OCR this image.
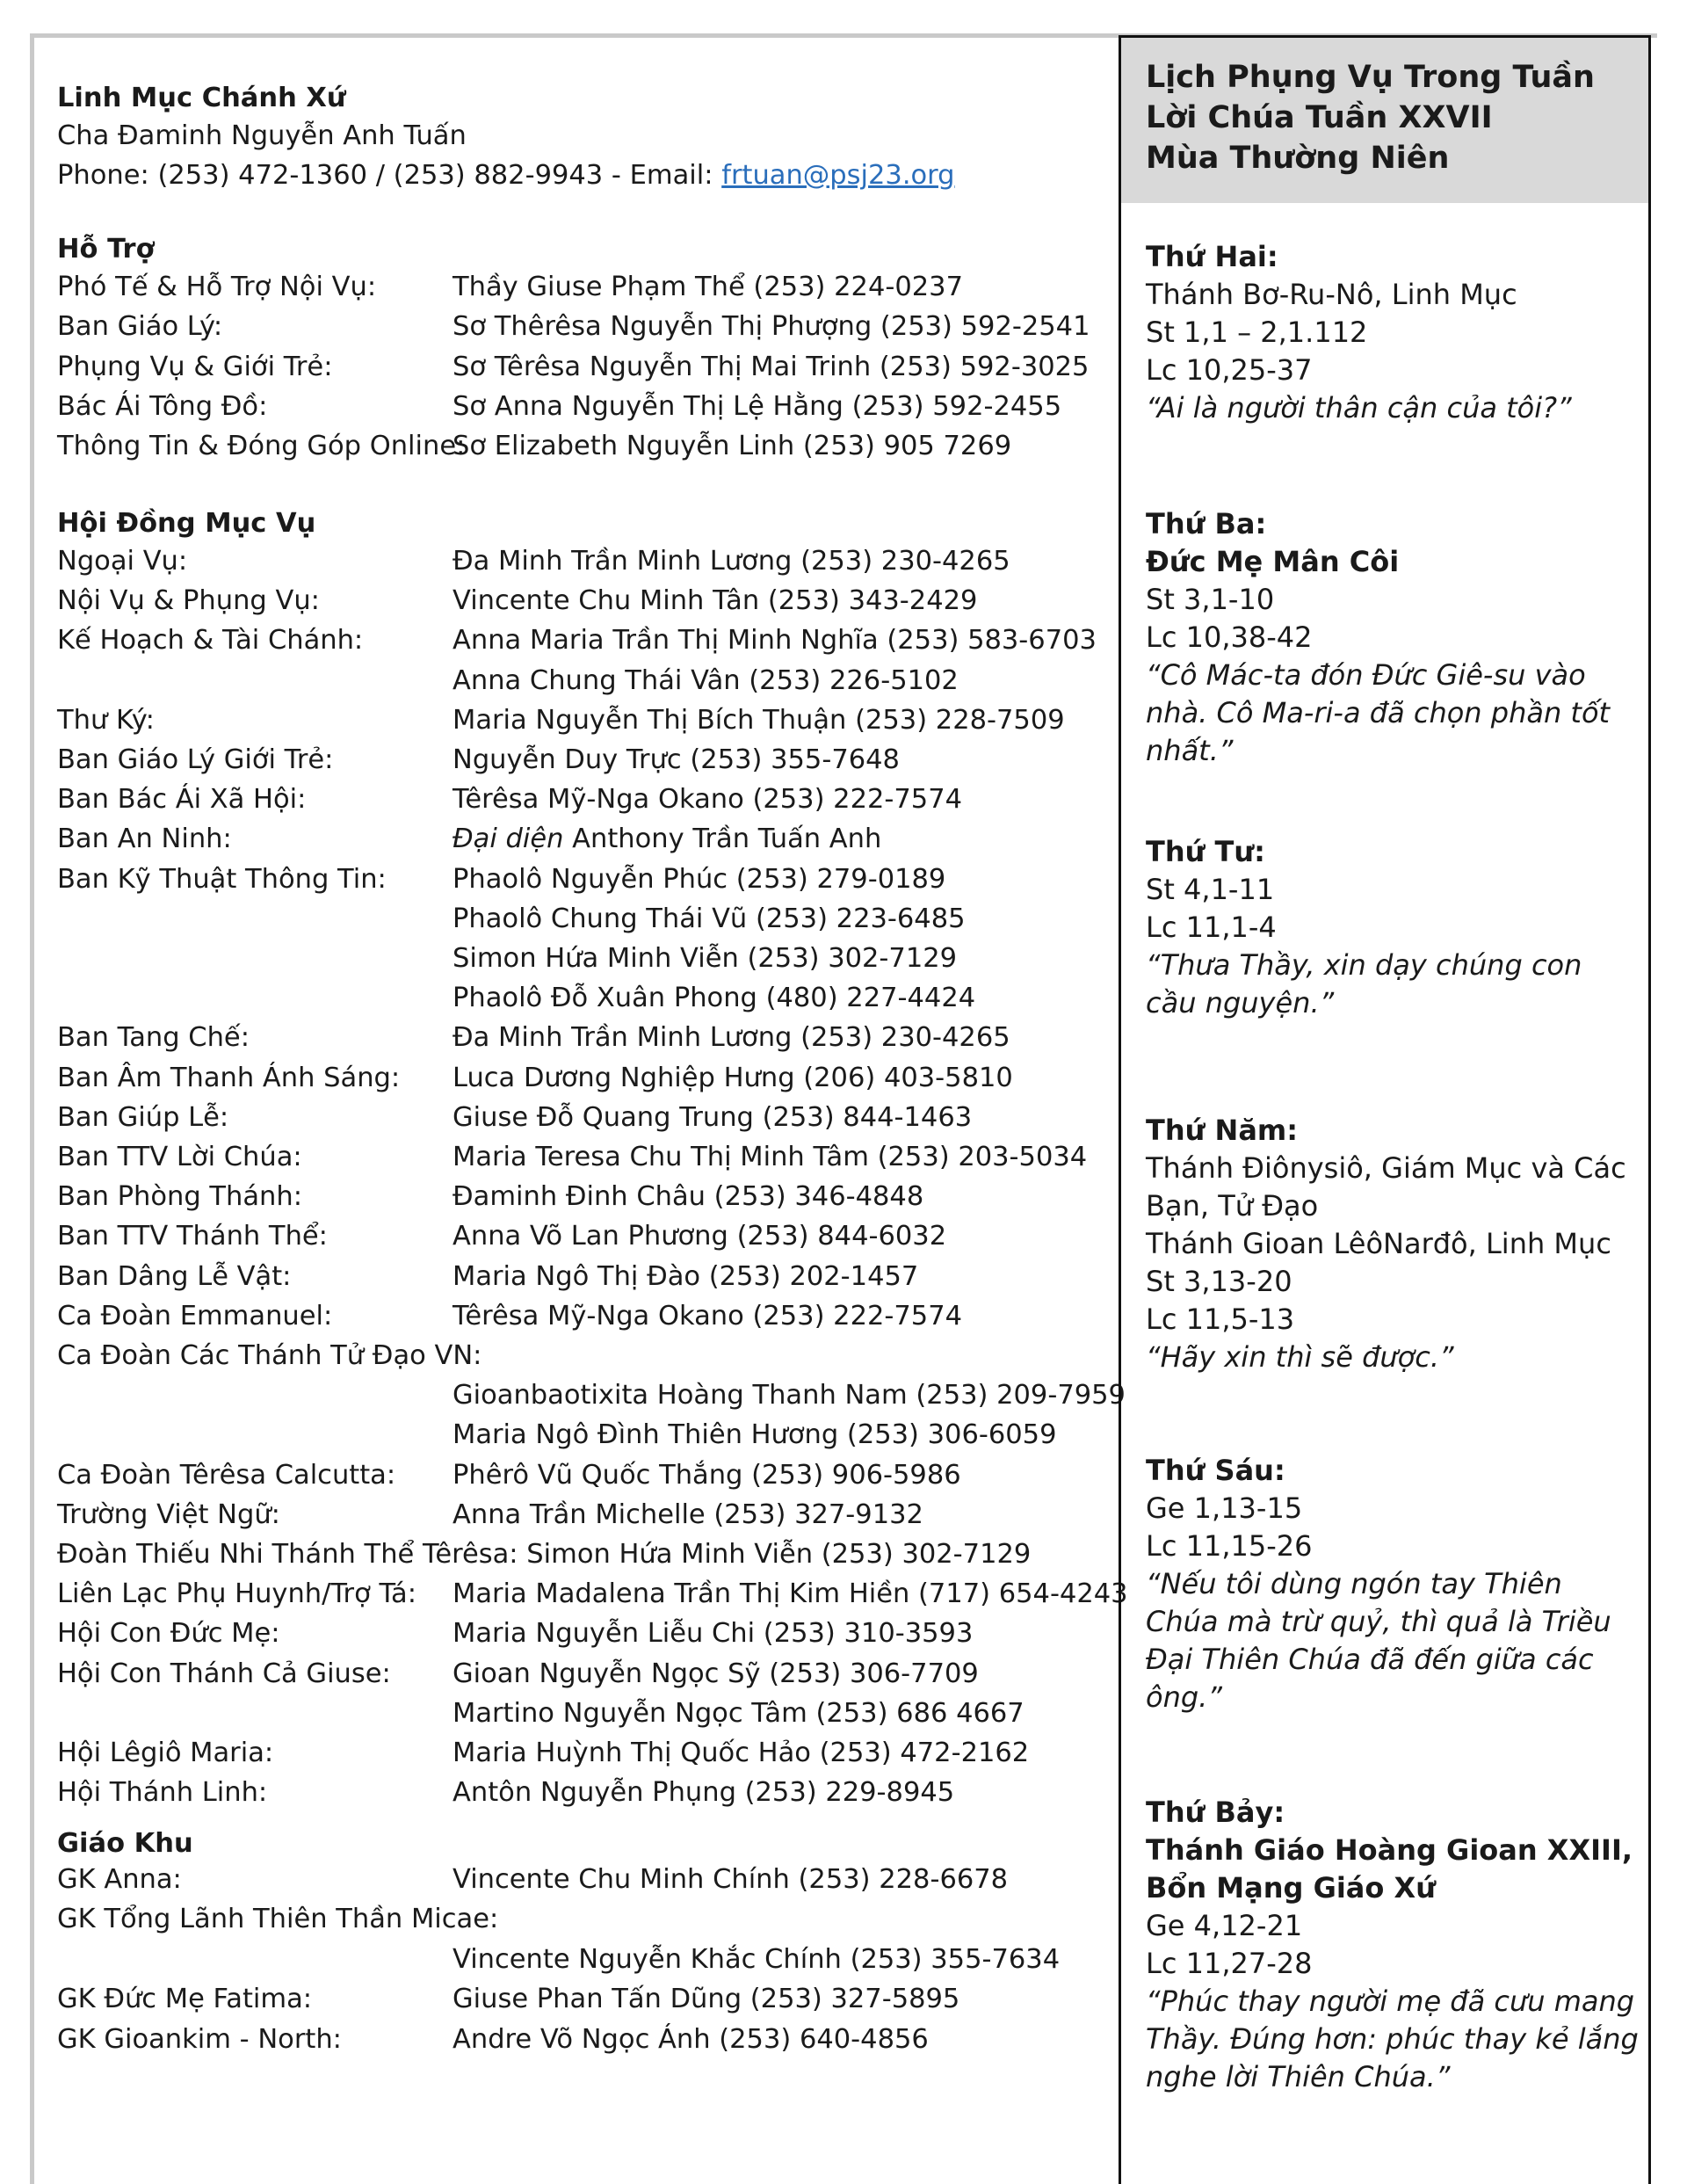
Linh Mục Chánh Xứ
Cha Đaminh Nguyễn Anh Tuấn
Phone: (253) 472-1360 / (253) 882-9943 - Email: frtuan@psj23.org
Hỗ Trợ
Phó Tế & Hỗ Trợ Nội Vụ:	Thầy Giuse Phạm Thể (253) 224-0237
Ban Giáo Lý:	Sơ Thêrêsa Nguyễn Thị Phượng (253) 592-2541
Phụng Vụ & Giới Trẻ:	Sơ Têrêsa Nguyễn Thị Mai Trinh (253) 592-3025
Bác Ái Tông Đồ:	Sơ Anna Nguyễn Thị Lệ Hằng (253) 592-2455
Thông Tin & Đóng Góp Online:
Sơ Elizabeth Nguyễn Linh (253) 905 7269
Hội Đồng Mục Vụ
Ngoại Vụ:	Đa Minh Trần Minh Lương (253) 230-4265
Nội Vụ & Phụng Vụ:	Vincente Chu Minh Tân (253) 343-2429
Kế Hoạch & Tài Chánh:	Anna Maria Trần Thị Minh Nghĩa (253) 583-6703
Anna Chung Thái Vân (253) 226-5102
Thư Ký:	Maria Nguyễn Thị Bích Thuận (253) 228-7509
Ban Giáo Lý Giới Trẻ:	Nguyễn Duy Trực (253) 355-7648
Ban Bác Ái Xã Hội:	Têrêsa Mỹ-Nga Okano (253) 222-7574
Ban An Ninh:	Đại diện Anthony Trần Tuấn Anh
Ban Kỹ Thuật Thông Tin: Phaolô Nguyễn Phúc (253) 279-0189
Phaolô Chung Thái Vũ (253) 223-6485
Simon Hứa Minh Viễn (253) 302-7129
Phaolô Đỗ Xuân Phong (480) 227-4424
Ban Tang Chế:	Đa Minh Trần Minh Lương (253) 230-4265
Ban Âm Thanh Ánh Sáng: Luca Dương Nghiệp Hưng (206) 403-5810
Ban Giúp Lễ:	Giuse Đỗ Quang Trung (253) 844-1463
Ban TTV Lời Chúa:	Maria Teresa Chu Thị Minh Tâm (253) 203-5034
Ban Phòng Thánh:	Đaminh Đinh Châu (253) 346-4848
Ban TTV Thánh Thể:	Anna Võ Lan Phương (253) 844-6032
Ban Dâng Lễ Vật:	Maria Ngô Thị Đào (253) 202-1457
Ca Đoàn Emmanuel:	Têrêsa Mỹ-Nga Okano (253) 222-7574
Ca Đoàn Các Thánh Tử Đạo VN:
Gioanbaotixita Hoàng Thanh Nam (253) 209-7959
Maria Ngô Đình Thiên Hương (253) 306-6059
Ca Đoàn Têrêsa Calcutta: Phêrô Vũ Quốc Thắng (253) 906-5986
Trường Việt Ngữ:	Anna Trần Michelle (253) 327-9132
Đoàn Thiếu Nhi Thánh Thể Têrêsa: Simon Hứa Minh Viễn (253) 302-7129
Liên Lạc Phụ Huynh/Trợ Tá: Maria Madalena Trần Thị Kim Hiền (717) 654-4243
Hội Con Đức Mẹ:	Maria Nguyễn Liễu Chi (253) 310-3593
Hội Con Thánh Cả Giuse: Gioan Nguyễn Ngọc Sỹ (253) 306-7709
Martino Nguyễn Ngọc Tâm (253) 686 4667
Hội Lêgiô Maria:	Maria Huỳnh Thị Quốc Hảo (253) 472-2162
Hội Thánh Linh:	Antôn Nguyễn Phụng (253) 229-8945
Giáo Khu
GK Anna:	Vincente Chu Minh Chính (253) 228-6678
GK Tổng Lãnh Thiên Thần Micae:
Vincente Nguyễn Khắc Chính (253) 355-7634
GK Đức Mẹ Fatima:	Giuse Phan Tấn Dũng (253) 327-5895
GK Gioankim - North:	Andre Võ Ngọc Ánh (253) 640-4856
Lịch Phụng Vụ Trong Tuần
Lời Chúa Tuần XXVII
Mùa Thường Niên
Thứ Hai:
Thánh Bơ-Ru-Nô, Linh Mục
St 1,1 – 2,1.112
Lc 10,25-37
“Ai là người thân cận của tôi?”
Thứ Ba:
Đức Mẹ Mân Côi
St 3,1-10
Lc 10,38-42
“Cô Mác-ta đón Đức Giê-su vào
nhà. Cô Ma-ri-a đã chọn phần tốt
nhất.”
Thứ Tư:
St 4,1-11
Lc 11,1-4
“Thưa Thầy, xin dạy chúng con
cầu nguyện.”
Thứ Năm:
Thánh Điônysiô, Giám Mục và Các
Bạn, Tử Đạo
Thánh Gioan LêôNarđô, Linh Mục
St 3,13-20
Lc 11,5-13
“Hãy xin thì sẽ được.”
Thứ Sáu:
Ge 1,13-15
Lc 11,15-26
“Nếu tôi dùng ngón tay Thiên
Chúa mà trừ quỷ, thì quả là Triều
Đại Thiên Chúa đã đến giữa các
ông.”
Thứ Bảy:
Thánh Giáo Hoàng Gioan XXIII,
Bổn Mạng Giáo Xứ
Ge 4,12-21
Lc 11,27-28
“Phúc thay người mẹ đã cưu mang
Thầy. Đúng hơn: phúc thay kẻ lắng
nghe lời Thiên Chúa.”
